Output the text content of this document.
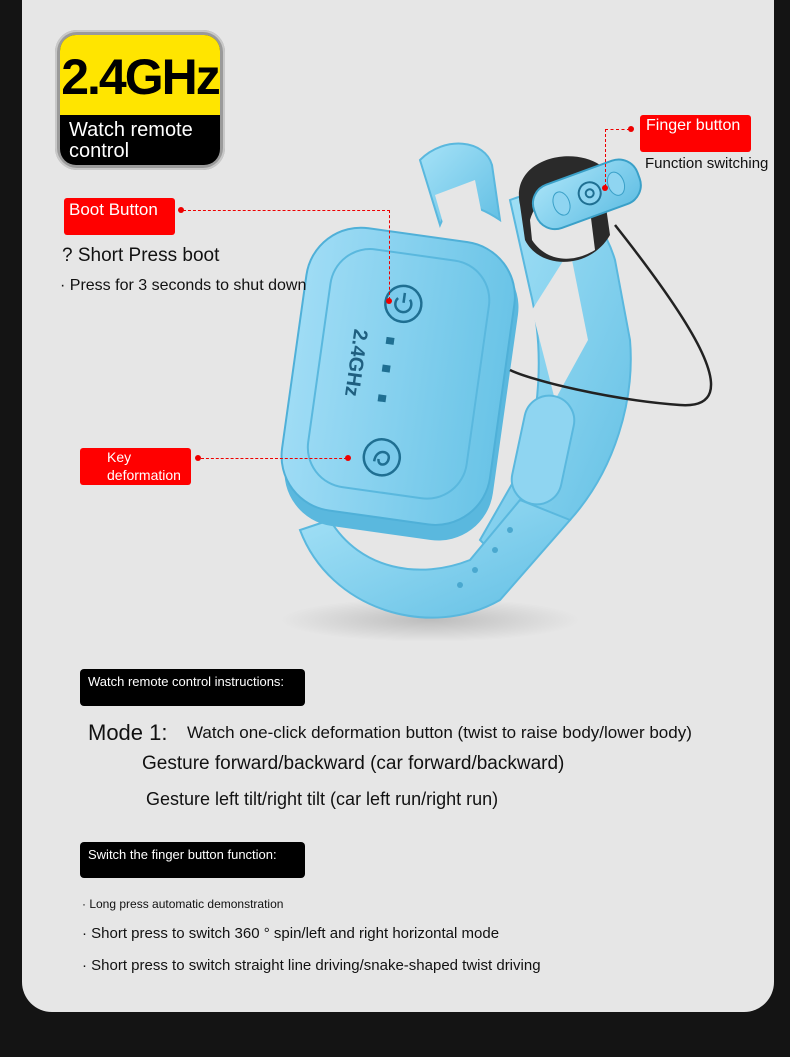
2.4GHz
Watch remote control
2.4GHz
Finger button
Function switching
Boot Button
? Short Press boot
· Press for 3 seconds to shut down
Key deformation
Watch remote control instructions:
Mode 1: Watch one-click deformation button (twist to raise body/lower body)
Gesture forward/backward (car forward/backward)
Gesture left tilt/right tilt (car left run/right run)
Switch the finger button function:
· Long press automatic demonstration
· Short press to switch 360 ° spin/left and right horizontal mode
· Short press to switch straight line driving/snake-shaped twist driving
